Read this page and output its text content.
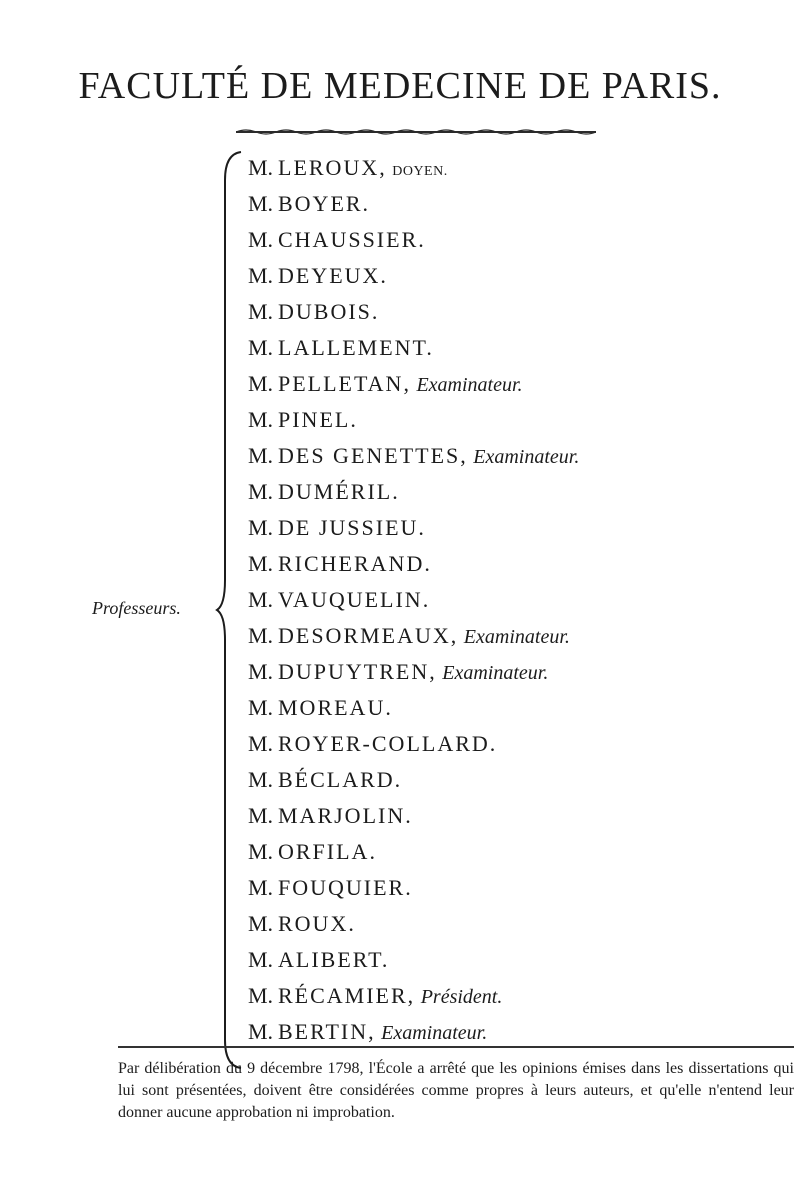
FACULTÉ DE MEDECINE DE PARIS.
Professeurs.
M. LEROUX, DOYEN.
M. BOYER.
M. CHAUSSIER.
M. DEYEUX.
M. DUBOIS.
M. LALLEMENT.
M. PELLETAN, Examinateur.
M. PINEL.
M. DES GENETTES, Examinateur.
M. DUMÉRIL.
M. DE JUSSIEU.
M. RICHERAND.
M. VAUQUELIN.
M. DESORMEAUX, Examinateur.
M. DUPUYTREN, Examinateur.
M. MOREAU.
M. ROYER-COLLARD.
M. BÉCLARD.
M. MARJOLIN.
M. ORFILA.
M. FOUQUIER.
M. ROUX.
M. ALIBERT.
M. RÉCAMIER, Président.
M. BERTIN, Examinateur.

Par délibération du 9 décembre 1798, l'École a arrêté que les opinions émises dans les dissertations qui lui sont présentées, doivent être considérées comme propres à leurs auteurs, et qu'elle n'entend leur donner aucune approbation ni improbation.
